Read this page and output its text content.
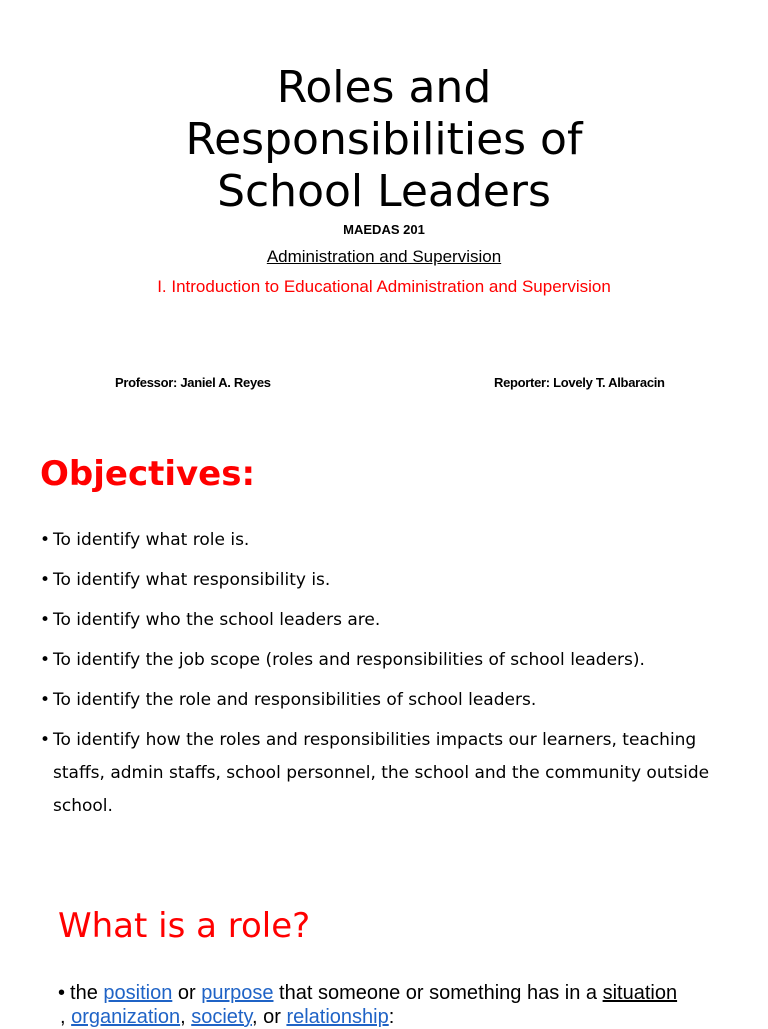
Roles and
Responsibilities of
School Leaders
MAEDAS 201
Administration and Supervision
I. Introduction to Educational Administration and Supervision
Professor: Janiel A. Reyes	Reporter: Lovely T. Albaracin
Objectives:
• To identify what role is.
• To identify what responsibility is.
• To identify who the school leaders are.
• To identify the job scope (roles and responsibilities of school leaders).
• To identify the role and responsibilities of school leaders.
• To identify how the roles and responsibilities impacts our learners, teaching staffs, admin staffs, school personnel, the school and the community outside school.
What is a role?
• the position or purpose that someone or something has in a situation
, organization, society, or relationship:
